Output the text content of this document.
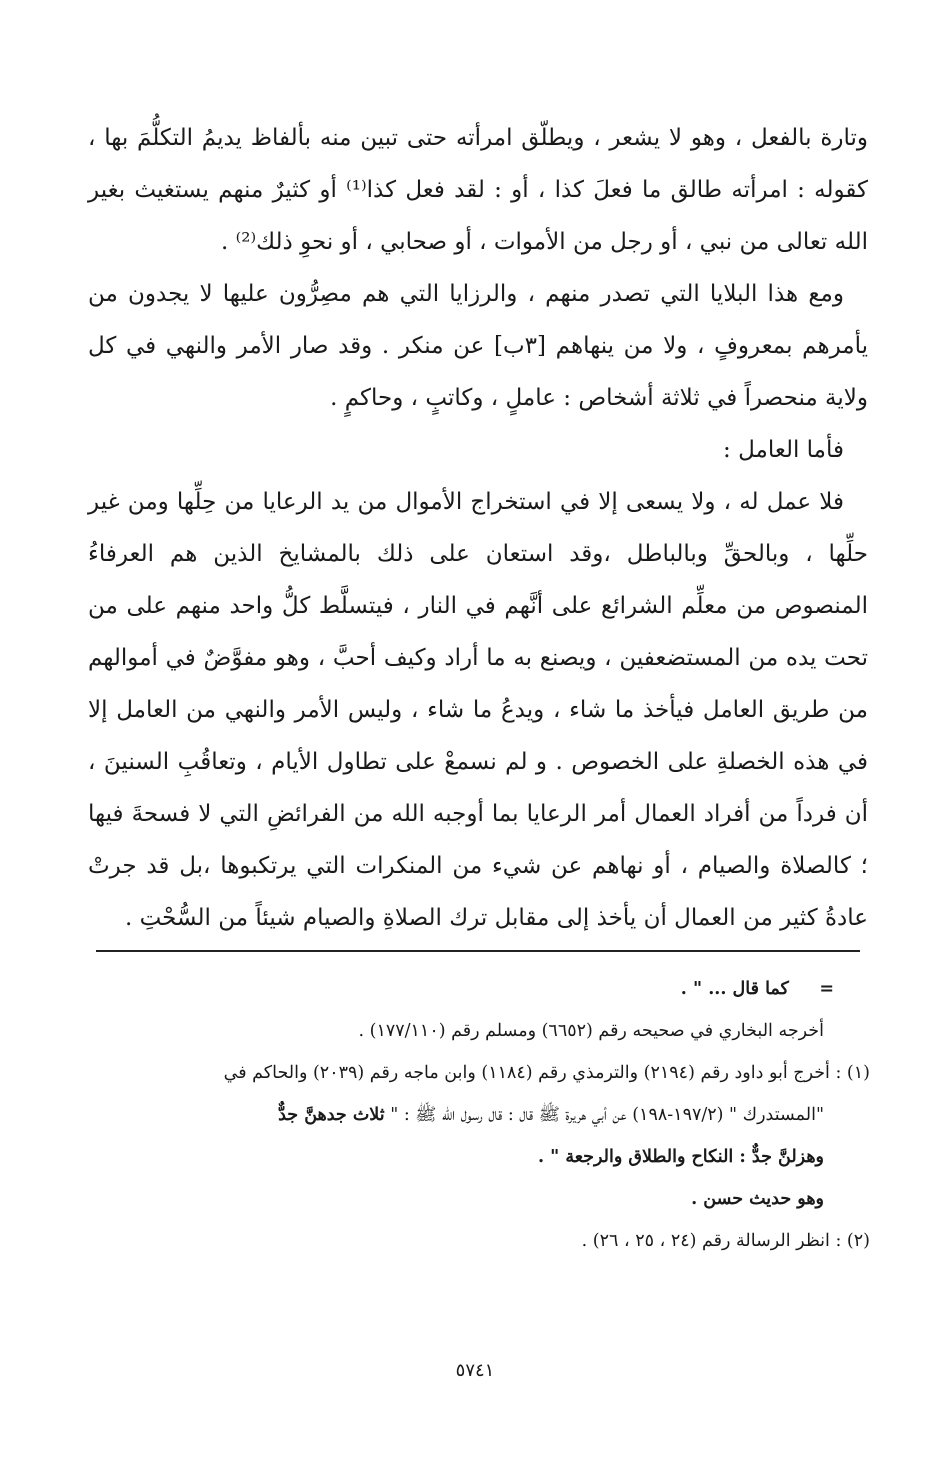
وتارة بالفعل ، وهو لا يشعر ، ويطلّق امرأته حتى تبين منه بألفاظ يديمُ التكلُّمَ بها ، كقوله : امرأته طالق ما فعلَ كذا ، أو : لقد فعل كذا⁽¹⁾ أو كثيرٌ منهم يستغيث بغير الله تعالى من نبي ، أو رجل من الأموات ، أو صحابي ، أو نحوِ ذلك⁽²⁾ .

ومع هذا البلايا التي تصدر منهم ، والرزايا التي هم مصِرُّون عليها لا يجدون من يأمرهم بمعروفٍ ، ولا من ينهاهم [٣ب] عن منكر . وقد صار الأمر والنهي في كل ولاية منحصراً في ثلاثة أشخاص : عاملٍ ، وكاتبٍ ، وحاكمٍ .

فأما العامل :

فلا عمل له ، ولا يسعى إلا في استخراج الأموال من يد الرعايا من حِلِّها ومن غير حلِّها ، وبالحقِّ وبالباطل ،وقد استعان على ذلك بالمشايخ الذين هم العرفاءُ المنصوص من معلِّم الشرائع على أنَّهم في النار ، فيتسلَّط كلُّ واحد منهم على من تحت يده من المستضعفين ، ويصنع به ما أراد وكيف أحبَّ ، وهو مفوَّضٌ في أموالهم من طريق العامل فيأخذ ما شاء ، ويدعُ ما شاء ، وليس الأمر والنهي من العامل إلا في هذه الخصلةِ على الخصوص . و لم نسمعْ على تطاول الأيام ، وتعاقُبِ السنينَ ، أن فرداً من أفراد العمال أمر الرعايا بما أوجبه الله من الفرائضِ التي لا فسحةَ فيها ؛ كالصلاة والصيام ، أو نهاهم عن شيء من المنكرات التي يرتكبوها ،بل قد جرتْ عادةُ كثير من العمال أن يأخذ إلى مقابل ترك الصلاةِ والصيام شيئاً من السُّحْتِ .

=     كما قال ... " .

أخرجه البخاري في صحيحه رقم (٦٦٥٢) ومسلم رقم (١٧٧/١١٠) .

(١) : أخرج أبو داود رقم (٢١٩٤) والترمذي رقم (١١٨٤) وابن ماجه رقم (٢٠٣٩) والحاكم في

"المستدرك " (١٩٧/٢-١٩٨) عن أبي هريرة ﷺ قال : قال رسول الله ﷺ : " ثلاث جدهنَّ جدٌّ

وهزلنَّ جدٌّ : النكاح والطلاق والرجعة " .

وهو حديث حسن .

(٢) : انظر الرسالة رقم (٢٤ ، ٢٥ ، ٢٦) .

٥٧٤١
